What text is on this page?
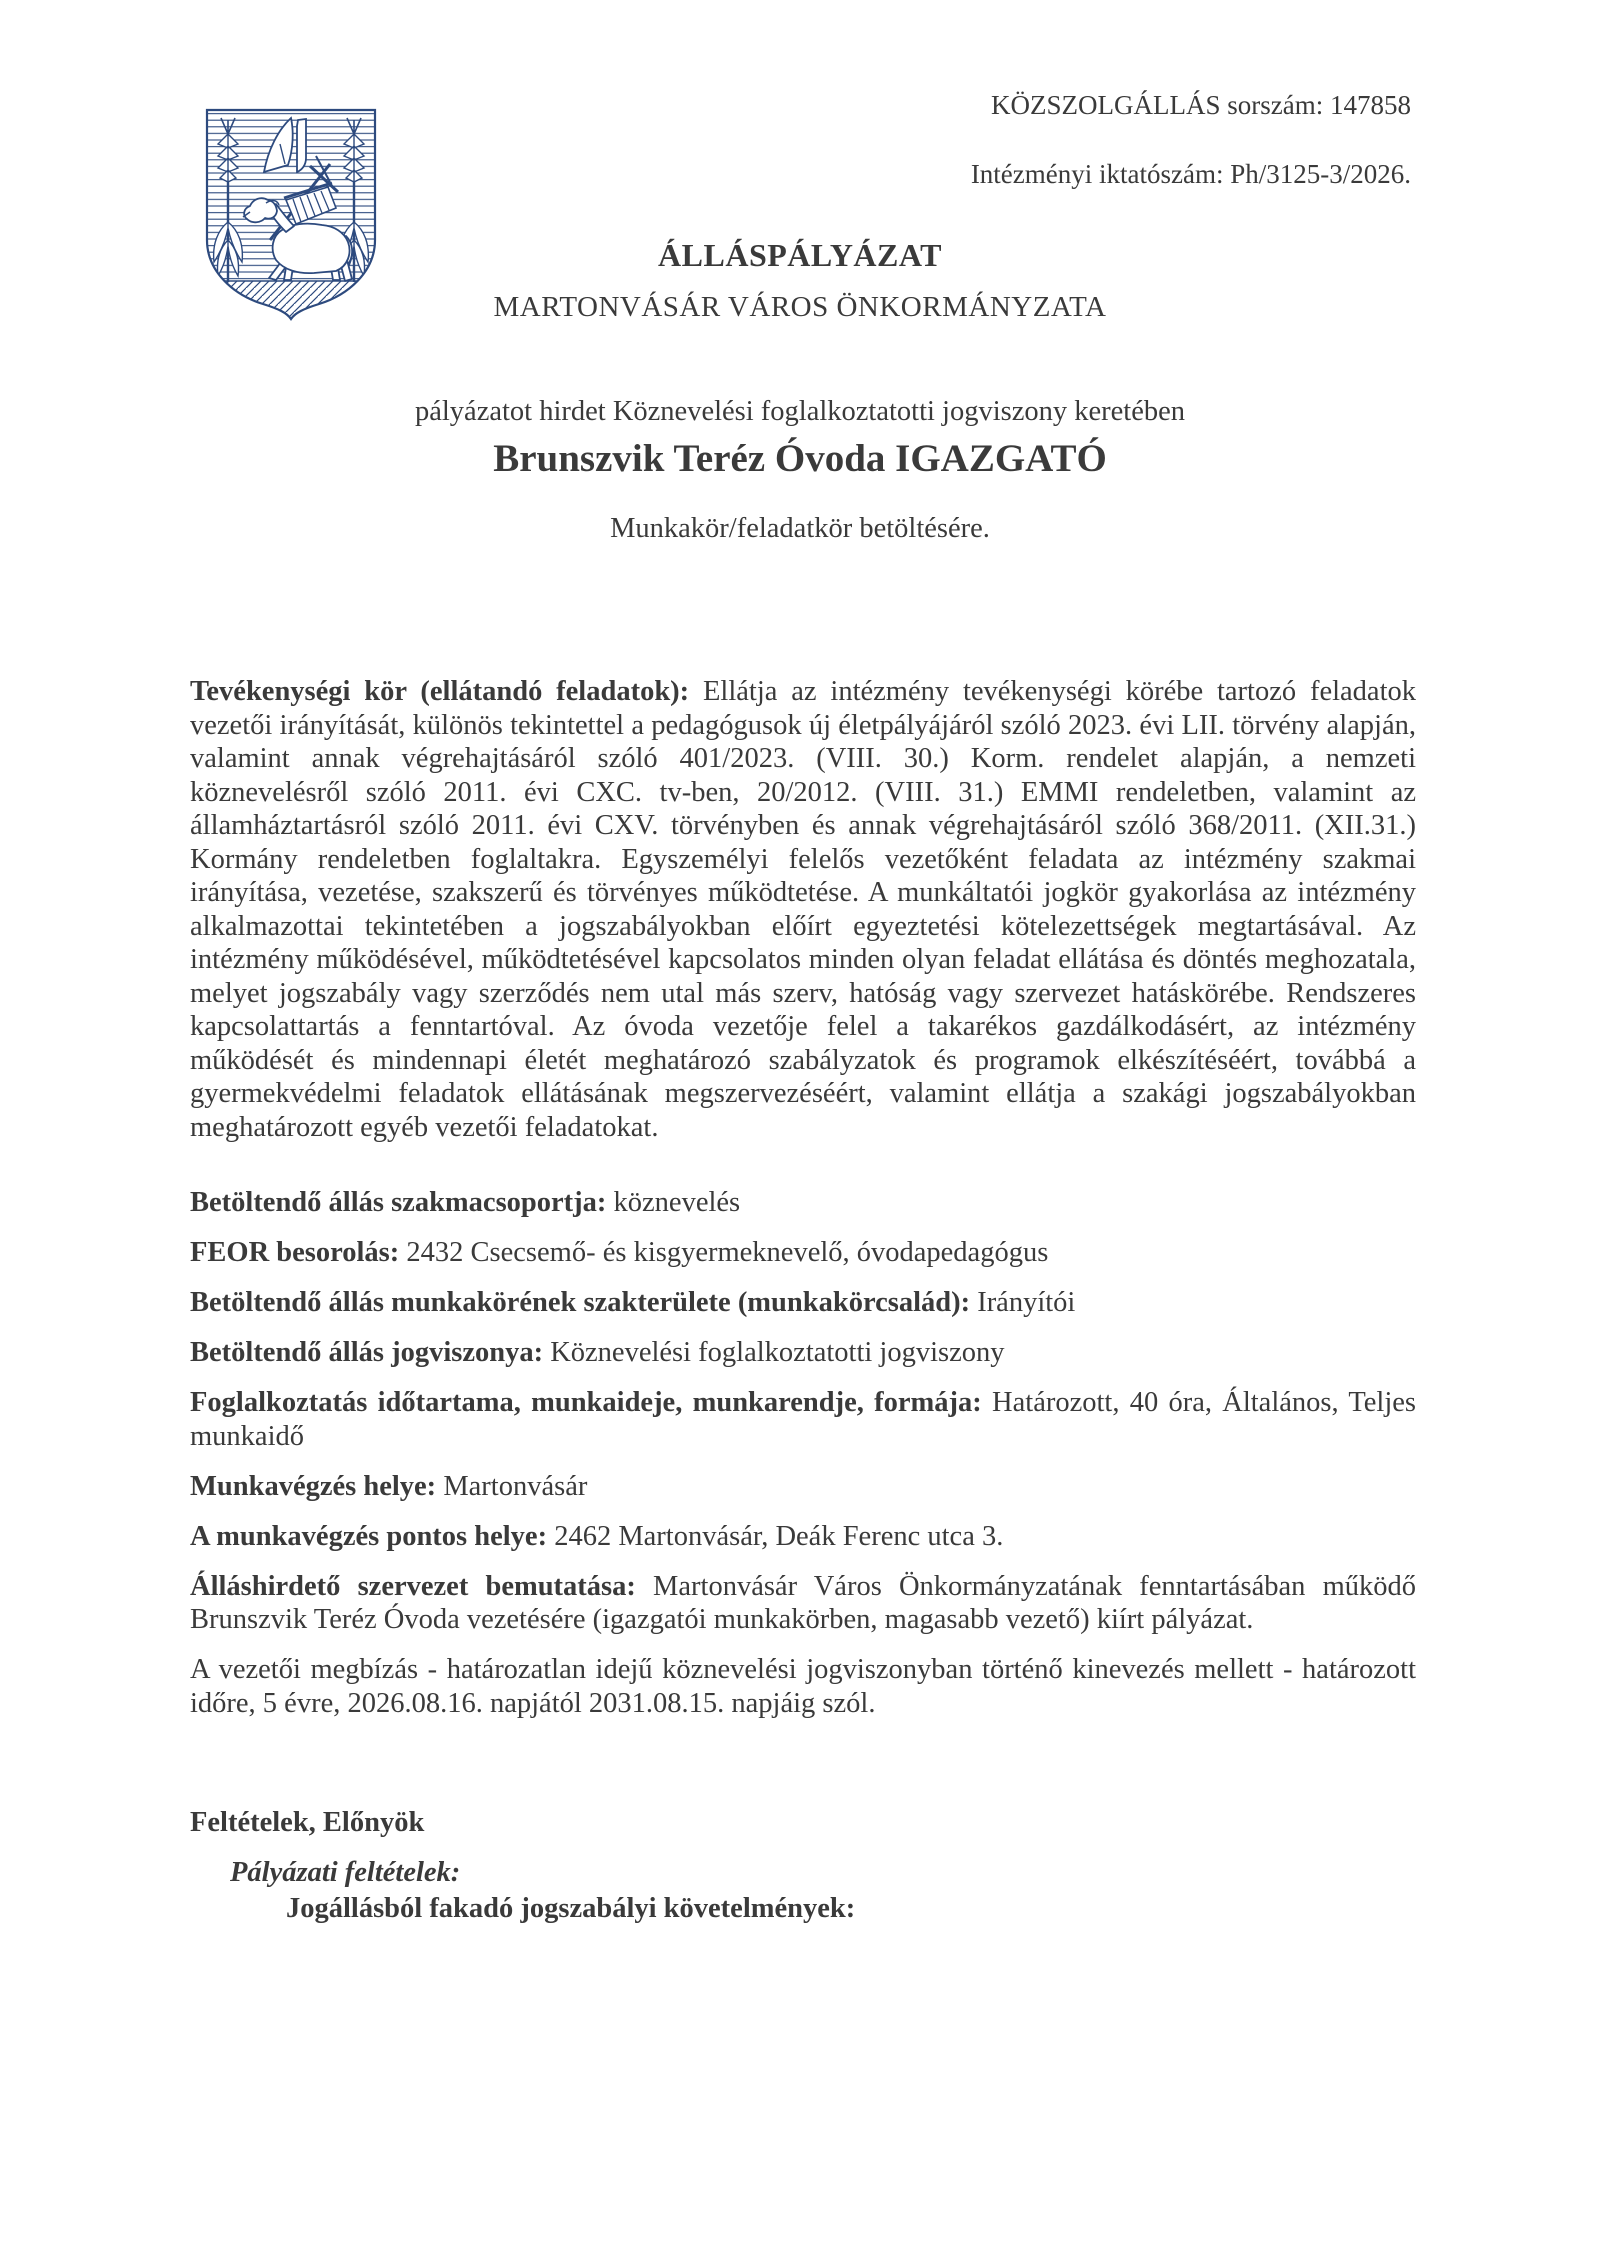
KÖZSZOLGÁLLÁS sorszám: 147858
Intézményi iktatószám: Ph/3125-3/2026.
ÁLLÁSPÁLYÁZAT
MARTONVÁSÁR VÁROS ÖNKORMÁNYZATA
pályázatot hirdet Köznevelési foglalkoztatotti jogviszony keretében
Brunszvik Teréz Óvoda IGAZGATÓ
Munkakör/feladatkör betöltésére.

Tevékenységi kör (ellátandó feladatok): Ellátja az intézmény tevékenységi körébe tartozó feladatok vezetői irányítását, különös tekintettel a pedagógusok új életpályájáról szóló 2023. évi LII. törvény alapján, valamint annak végrehajtásáról szóló 401/2023. (VIII. 30.) Korm. rendelet alapján, a nemzeti köznevelésről szóló 2011. évi CXC. tv-ben, 20/2012. (VIII. 31.) EMMI rendeletben, valamint az államháztartásról szóló 2011. évi CXV. törvényben és annak végrehajtásáról szóló 368/2011. (XII.31.) Kormány rendeletben foglaltakra. Egyszemélyi felelős vezetőként feladata az intézmény szakmai irányítása, vezetése, szakszerű és törvényes működtetése. A munkáltatói jogkör gyakorlása az intézmény alkalmazottai tekintetében a jogszabályokban előírt egyeztetési kötelezettségek megtartásával. Az intézmény működésével, működtetésével kapcsolatos minden olyan feladat ellátása és döntés meghozatala, melyet jogszabály vagy szerződés nem utal más szerv, hatóság vagy szervezet hatáskörébe. Rendszeres kapcsolattartás a fenntartóval. Az óvoda vezetője felel a takarékos gazdálkodásért, az intézmény működését és mindennapi életét meghatározó szabályzatok és programok elkészítéséért, továbbá a gyermekvédelmi feladatok ellátásának megszervezéséért, valamint ellátja a szakági jogszabályokban meghatározott egyéb vezetői feladatokat.

Betöltendő állás szakmacsoportja: köznevelés

FEOR besorolás: 2432 Csecsemő- és kisgyermeknevelő, óvodapedagógus

Betöltendő állás munkakörének szakterülete (munkakörcsalád): Irányítói

Betöltendő állás jogviszonya: Köznevelési foglalkoztatotti jogviszony

Foglalkoztatás időtartama, munkaideje, munkarendje, formája: Határozott, 40 óra, Általános, Teljes munkaidő

Munkavégzés helye: Martonvásár

A munkavégzés pontos helye: 2462 Martonvásár, Deák Ferenc utca 3.

Álláshirdető szervezet bemutatása: Martonvásár Város Önkormányzatának fenntartásában működő Brunszvik Teréz Óvoda vezetésére (igazgatói munkakörben, magasabb vezető) kiírt pályázat.

A vezetői megbízás - határozatlan idejű köznevelési jogviszonyban történő kinevezés mellett - határozott időre, 5 évre, 2026.08.16. napjától 2031.08.15. napjáig szól.

Feltételek, Előnyök

Pályázati feltételek:

Jogállásból fakadó jogszabályi követelmények:
